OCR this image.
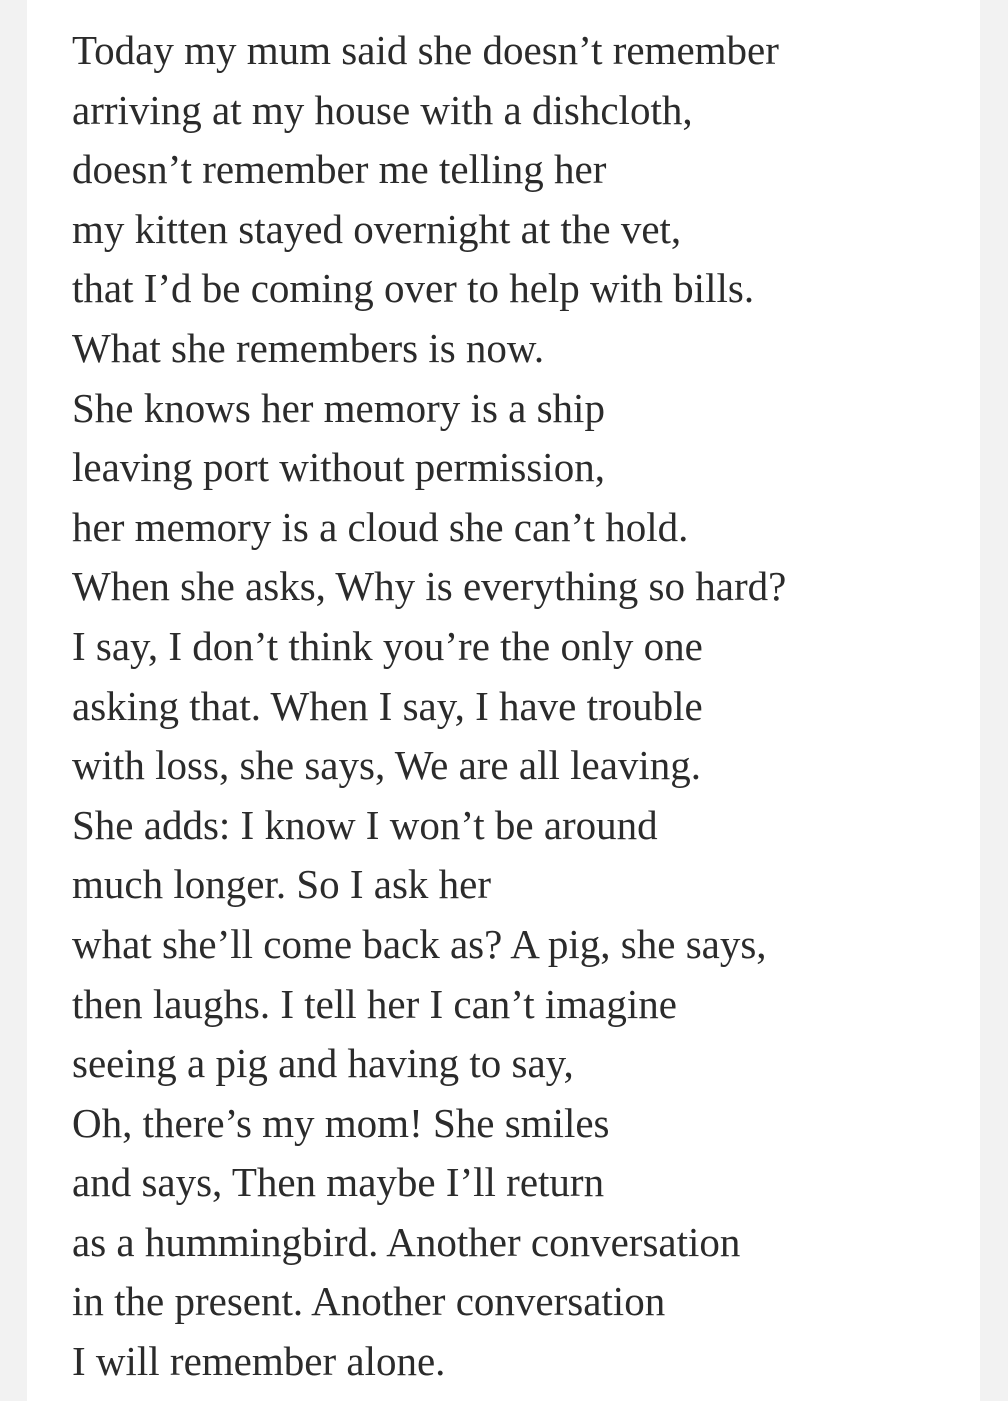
Today my mum said she doesn’t remember
arriving at my house with a dishcloth,
doesn’t remember me telling her
my kitten stayed overnight at the vet,
that I’d be coming over to help with bills.
What she remembers is now.
She knows her memory is a ship
leaving port without permission,
her memory is a cloud she can’t hold.
When she asks, Why is everything so hard?
I say, I don’t think you’re the only one
asking that. When I say, I have trouble
with loss, she says, We are all leaving.
She adds: I know I won’t be around
much longer. So I ask her
what she’ll come back as? A pig, she says,
then laughs. I tell her I can’t imagine
seeing a pig and having to say,
Oh, there’s my mom! She smiles
and says, Then maybe I’ll return
as a hummingbird. Another conversation
in the present. Another conversation
I will remember alone.
